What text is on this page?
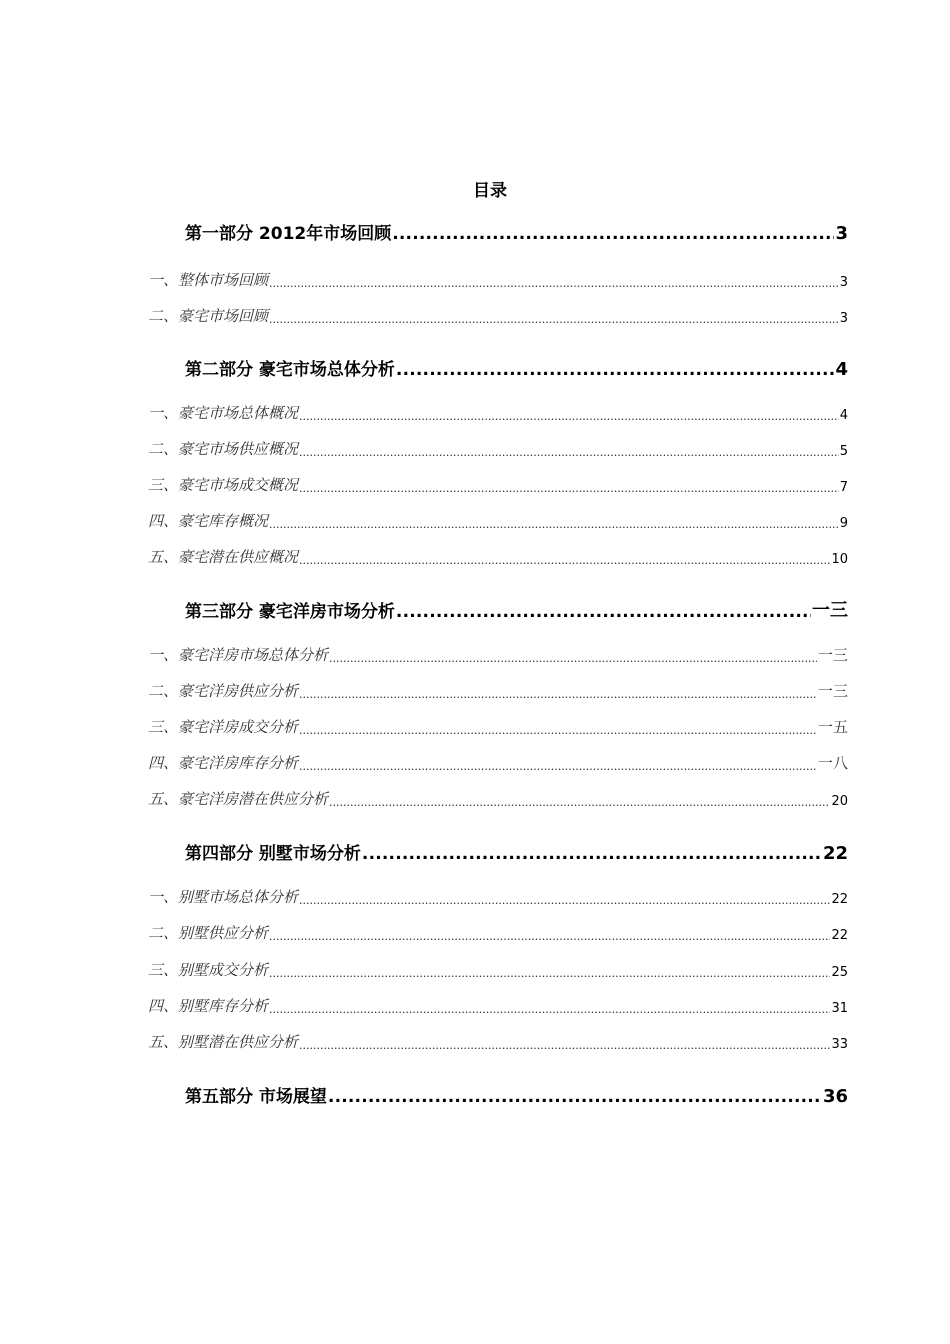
目录
第一部分 2012年市场回顾 .....	3
一、整体市场回顾 .....	3
二、豪宅市场回顾 .....	3
第二部分 豪宅市场总体分析 .....	4
一、豪宅市场总体概况 .....	4
二、豪宅市场供应概况 .....	5
三、豪宅市场成交概况 .....	7
四、豪宅库存概况 .....	9
五、豪宅潜在供应概况 .....	10
第三部分 豪宅洋房市场分析 .....	一三
一、豪宅洋房市场总体分析 .....	一三
二、豪宅洋房供应分析 .....	一三
三、豪宅洋房成交分析 .....	一五
四、豪宅洋房库存分析 .....	一八
五、豪宅洋房潜在供应分析 .....	20
第四部分 别墅市场分析 .....	22
一、别墅市场总体分析 .....	22
二、别墅供应分析 .....	22
三、别墅成交分析 .....	25
四、别墅库存分析 .....	31
五、别墅潜在供应分析 .....	33
第五部分 市场展望 .....	36
